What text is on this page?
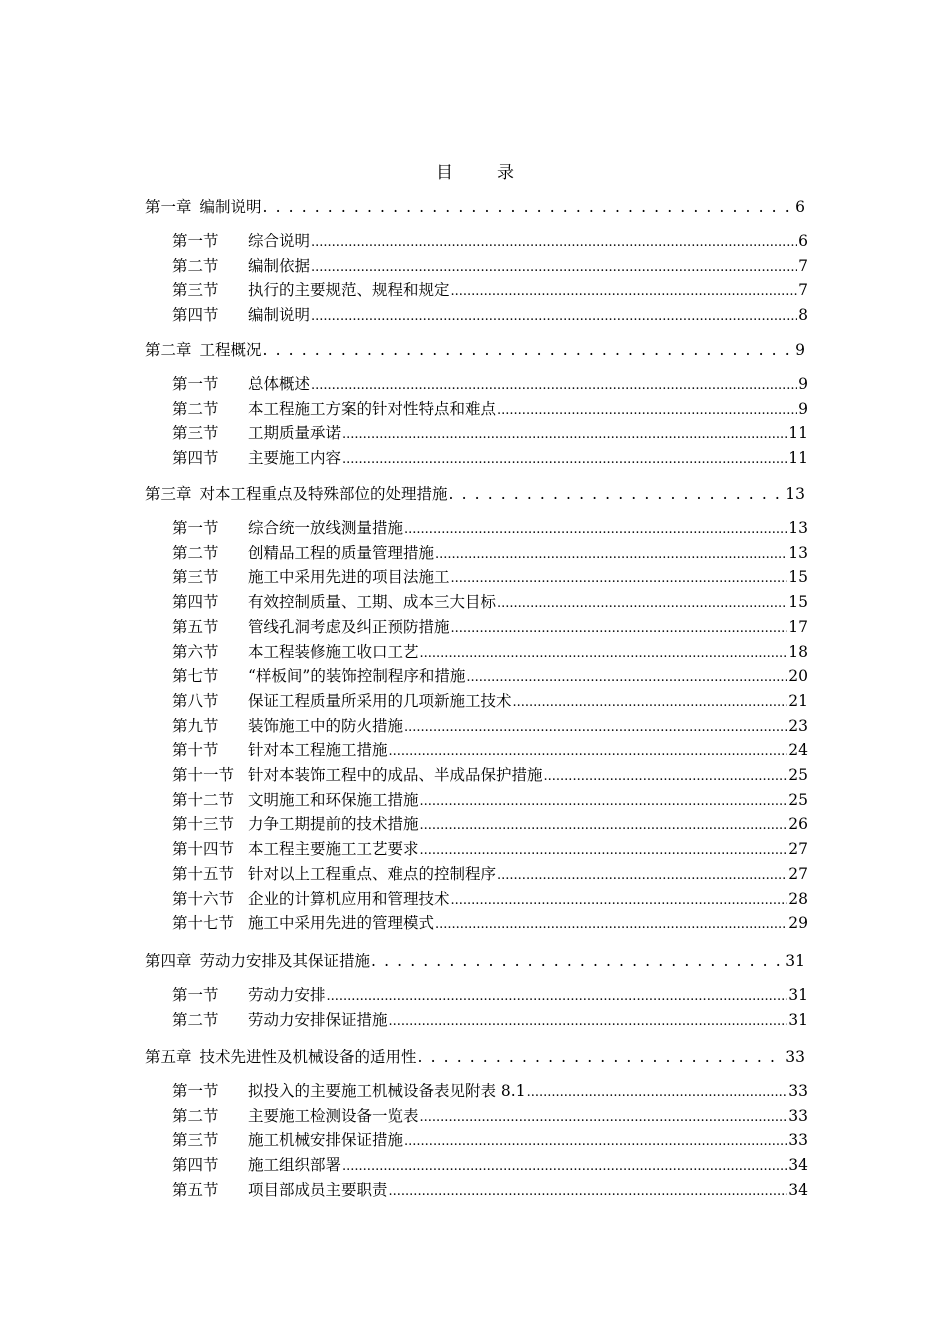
目	录
第一章 编制说明 . . .	6
第一节 综合说明 .....	6
第二节 编制依据 .....	7
第三节 执行的主要规范、规程和规定 .....	7
第四节 编制说明 .....	8
第二章 工程概况 . . .	9
第一节 总体概述 .....	9
第二节 本工程施工方案的针对性特点和难点 .....	9
第三节 工期质量承诺 .....	11
第四节 主要施工内容 .....	11
第三章 对本工程重点及特殊部位的处理措施 . . .	13
第一节 综合统一放线测量措施 .....	13
第二节 创精品工程的质量管理措施 .....	13
第三节 施工中采用先进的项目法施工 .....	15
第四节 有效控制质量、工期、成本三大目标 .....	15
第五节 管线孔洞考虑及纠正预防措施 .....	17
第六节 本工程装修施工收口工艺 .....	18
第七节 “样板间”的装饰控制程序和措施 .....	20
第八节 保证工程质量所采用的几项新施工技术 .....	21
第九节 装饰施工中的防火措施 .....	23
第十节 针对本工程施工措施 .....	24
第十一节 针对本装饰工程中的成品、半成品保护措施 .....	25
第十二节 文明施工和环保施工措施 .....	25
第十三节 力争工期提前的技术措施 .....	26
第十四节 本工程主要施工工艺要求 .....	27
第十五节 针对以上工程重点、难点的控制程序 .....	27
第十六节 企业的计算机应用和管理技术 .....	28
第十七节 施工中采用先进的管理模式 .....	29
第四章 劳动力安排及其保证措施 . . .	31
第一节 劳动力安排 .....	31
第二节 劳动力安排保证措施 .....	31
第五章 技术先进性及机械设备的适用性 . . .	33
第一节 拟投入的主要施工机械设备表见附表 8.1 .....	33
第二节 主要施工检测设备一览表 .....	33
第三节 施工机械安排保证措施 .....	33
第四节 施工组织部署 .....	34
第五节 项目部成员主要职责 .....	34
